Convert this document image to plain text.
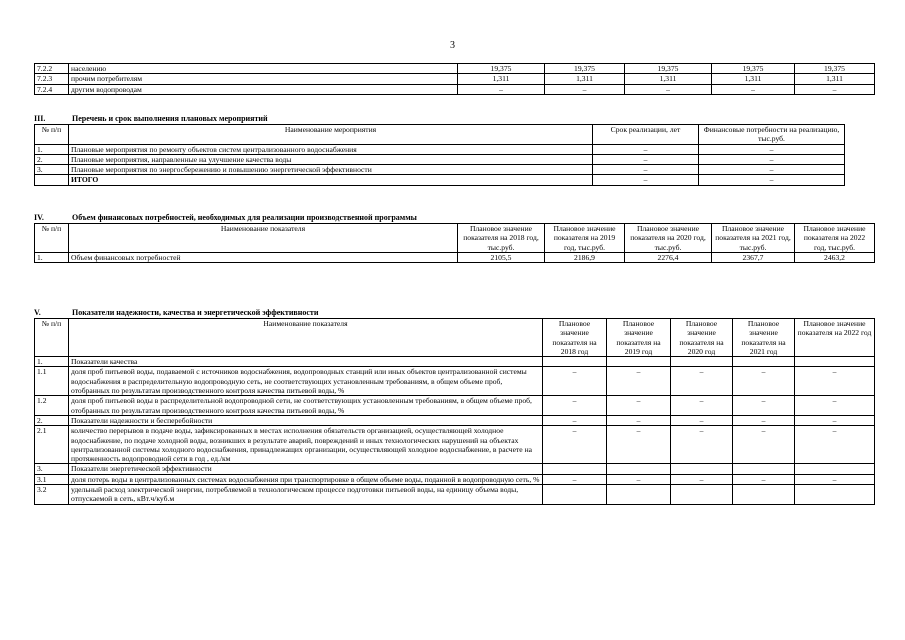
3
7.2.2	населению	19,375	19,375	19,375	19,375	19,375
7.2.3	прочим потребителям	1,311	1,311	1,311	1,311	1,311
7.2.4	другим водопроводам	–	–	–	–	–
III.	Перечень и срок выполнения плановых мероприятий
№ п/п	Наименование мероприятия	Срок реализации, лет	Финансовые потребности на реализацию, тыс.руб.
1.	Плановые мероприятия по ремонту объектов систем централизованного водоснабжения	–	–
2.	Плановые мероприятия, направленные на улучшение качества воды	–	–
3.	Плановые мероприятия по энергосбережению и повышению энергетической эффективности	–	–
	ИТОГО	–	–
IV.	Объем финансовых потребностей, необходимых для реализации производственной программы
№ п/п	Наименование показателя	Плановое значение показателя на 2018 год, тыс.руб.	Плановое значение показателя на 2019 год, тыс.руб.	Плановое значение показателя на 2020 год, тыс.руб.	Плановое значение показателя на 2021 год, тыс.руб.	Плановое значение показателя на 2022 год, тыс.руб.
1.	Объем финансовых потребностей	2105,5	2186,9	2276,4	2367,7	2463,2
V.	Показатели надежности, качества и энергетической эффективности
№ п/п	Наименование показателя	Плановое значение показателя на 2018 год	Плановое значение показателя на 2019 год	Плановое значение показателя на 2020 год	Плановое значение показателя на 2021 год	Плановое значение показателя на 2022 год
1.	Показатели качества					
1.1	доля проб питьевой воды, подаваемой с источников водоснабжения, водопроводных станций или иных объектов централизованной системы водоснабжения в распределительную водопроводную сеть, не соответствующих установленным требованиям, в общем объеме проб, отобранных по результатам производственного контроля качества питьевой воды, %	–	–	–	–	–
1.2	доля проб питьевой воды в распределительной водопроводной сети, не соответствующих установленным требованиям, в общем объеме проб, отобранных по результатам производственного контроля качества питьевой воды, %	–	–	–	–	–
2.	Показатели надежности и бесперебойности	–	–	–	–	–
2.1	количество перерывов в подаче воды, зафиксированных в местах исполнения обязательств организацией, осуществляющей холодное водоснабжение, по подаче холодной воды, возникших в результате аварий, повреждений и иных технологических нарушений на объектах централизованной системы холодного водоснабжения, принадлежащих организации, осуществляющей холодное водоснабжение, в расчете на протяженность водопроводной сети в год , ед./км	–	–	–	–	–
3.	Показатели энергетической эффективности					
3.1	доля потерь воды в централизованных системах водоснабжения при транспортировке в общем объеме воды, поданной в водопроводную сеть, %	–	–	–	–	–
3.2	удельный расход электрической энергии, потребляемой в технологическом процессе подготовки питьевой воды, на единицу объема воды, отпускаемой в сеть, кВт.ч/куб.м					
